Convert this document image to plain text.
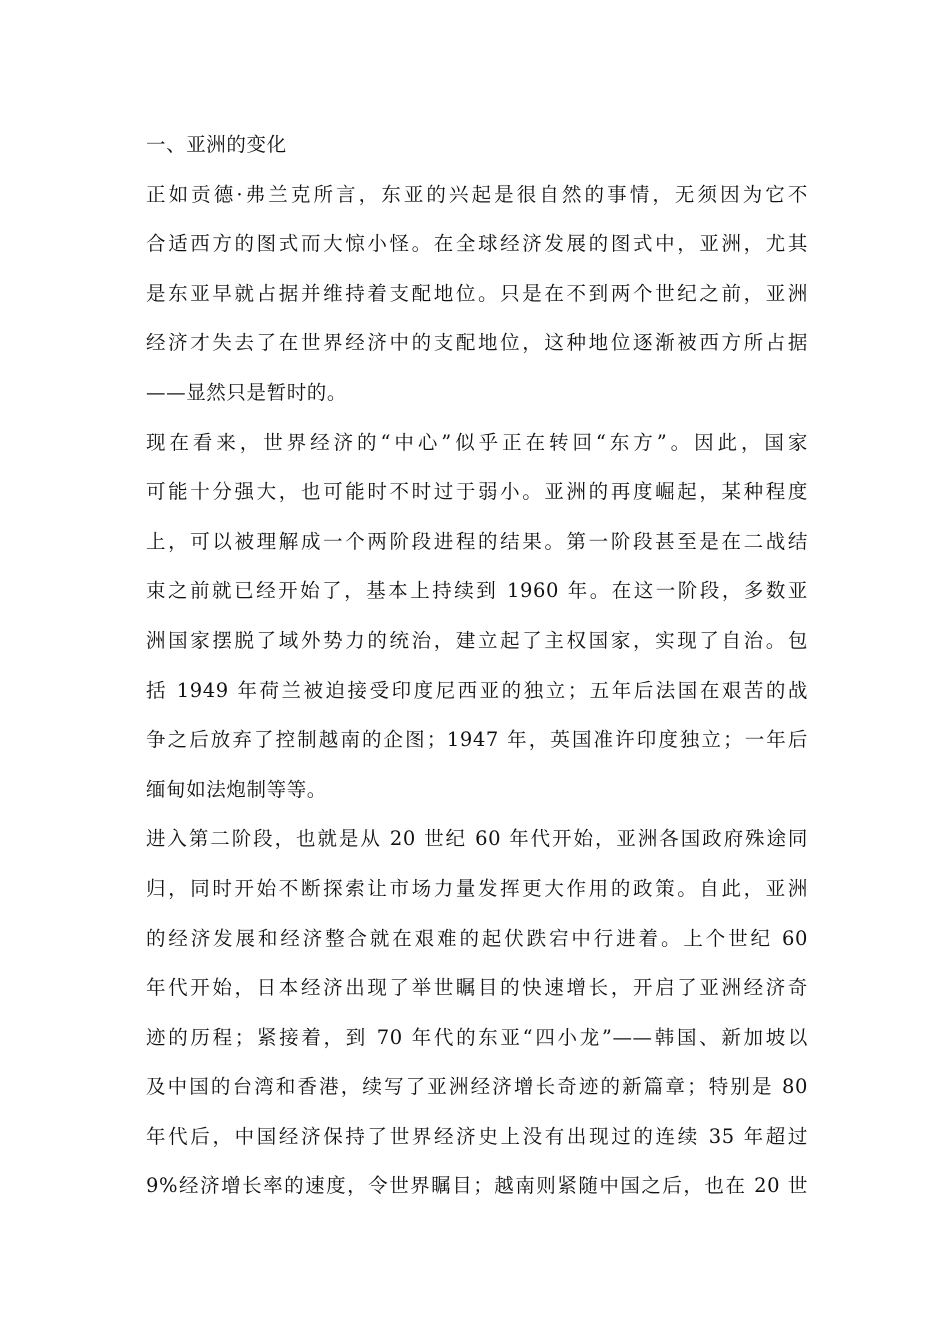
一、亚洲的变化
正如贡德·弗兰克所言，东亚的兴起是很自然的事情，无须因为它不
合适西方的图式而大惊小怪。在全球经济发展的图式中，亚洲，尤其
是东亚早就占据并维持着支配地位。只是在不到两个世纪之前，亚洲
经济才失去了在世界经济中的支配地位，这种地位逐渐被西方所占据
——显然只是暂时的。
现在看来，世界经济的“中心”似乎正在转回“东方”。因此，国家
可能十分强大，也可能时不时过于弱小。亚洲的再度崛起，某种程度
上，可以被理解成一个两阶段进程的结果。第一阶段甚至是在二战结
束之前就已经开始了，基本上持续到 1960 年。在这一阶段，多数亚
洲国家摆脱了域外势力的统治，建立起了主权国家，实现了自治。包
括 1949 年荷兰被迫接受印度尼西亚的独立；五年后法国在艰苦的战
争之后放弃了控制越南的企图；1947 年，英国准许印度独立；一年后
缅甸如法炮制等等。
进入第二阶段，也就是从 20 世纪 60 年代开始，亚洲各国政府殊途同
归，同时开始不断探索让市场力量发挥更大作用的政策。自此，亚洲
的经济发展和经济整合就在艰难的起伏跌宕中行进着。上个世纪 60
年代开始，日本经济出现了举世瞩目的快速增长，开启了亚洲经济奇
迹的历程；紧接着，到 70 年代的东亚“四小龙”——韩国、新加坡以
及中国的台湾和香港，续写了亚洲经济增长奇迹的新篇章；特别是 80
年代后，中国经济保持了世界经济史上没有出现过的连续 35 年超过
9%经济增长率的速度，令世界瞩目；越南则紧随中国之后，也在 20 世
